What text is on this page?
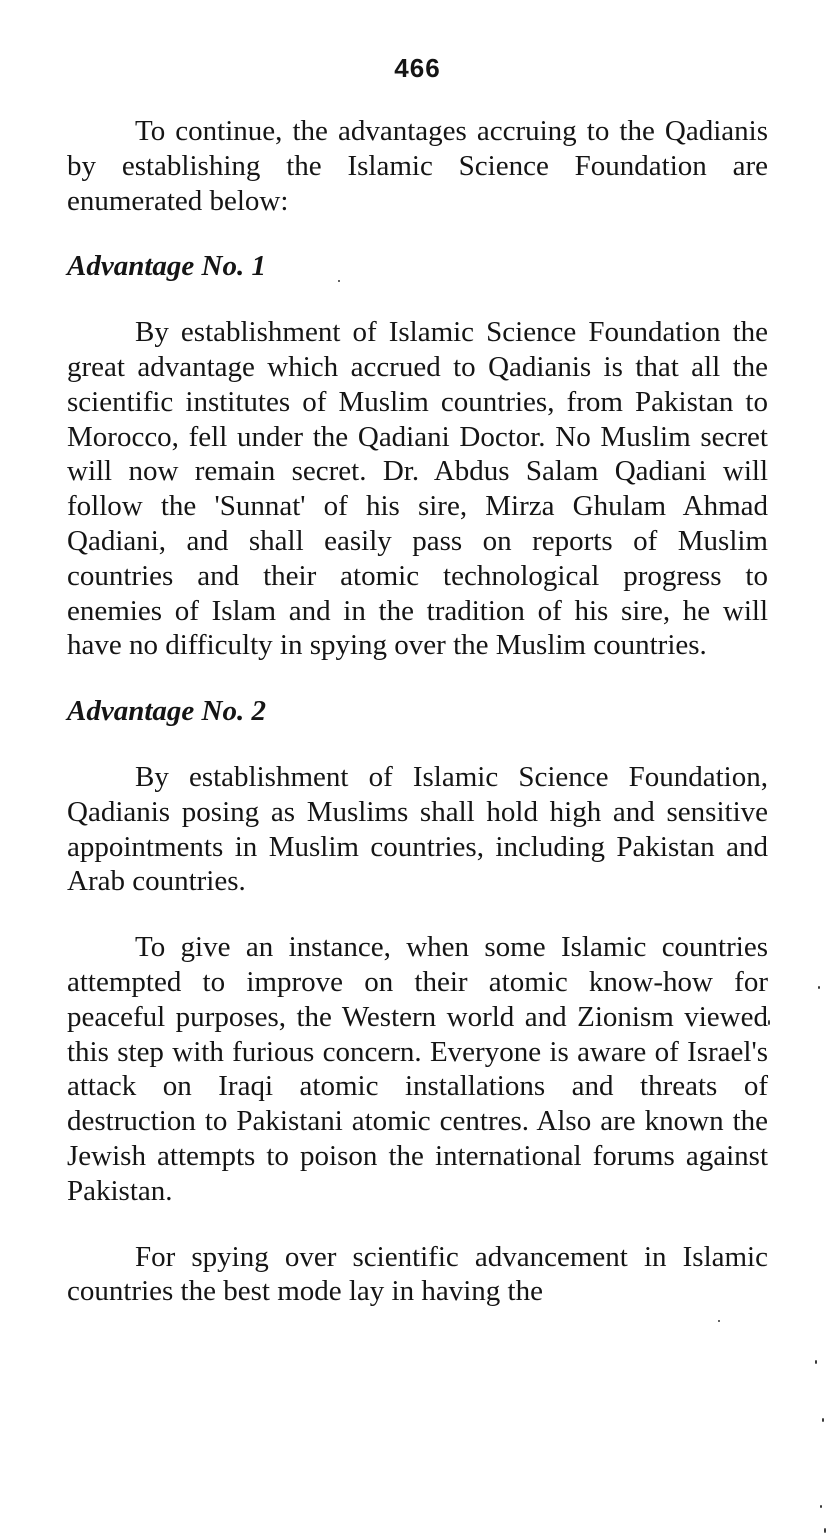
466

To continue, the advantages accruing to the Qadianis by establishing the Islamic Science Foundation are enumerated below:

Advantage No. 1

By establishment of Islamic Science Foundation the great advantage which accrued to Qadianis is that all the scientific institutes of Muslim countries, from Pakistan to Morocco, fell under the Qadiani Doctor. No Muslim secret will now remain secret. Dr. Abdus Salam Qadiani will follow the 'Sunnat' of his sire, Mirza Ghulam Ahmad Qadiani, and shall easily pass on reports of Muslim countries and their atomic technological progress to enemies of Islam and in the tradition of his sire, he will have no difficulty in spying over the Muslim countries.

Advantage No. 2

By establishment of Islamic Science Foundation, Qadianis posing as Muslims shall hold high and sensitive appointments in Muslim countries, including Pakistan and Arab countries.

To give an instance, when some Islamic countries attempted to improve on their atomic know-how for peaceful purposes, the Western world and Zionism viewed this step with furious concern. Everyone is aware of Israel's attack on Iraqi atomic installations and threats of destruction to Pakistani atomic centres. Also are known the Jewish attempts to poison the international forums against Pakistan.

For spying over scientific advancement in Islamic countries the best mode lay in having the
